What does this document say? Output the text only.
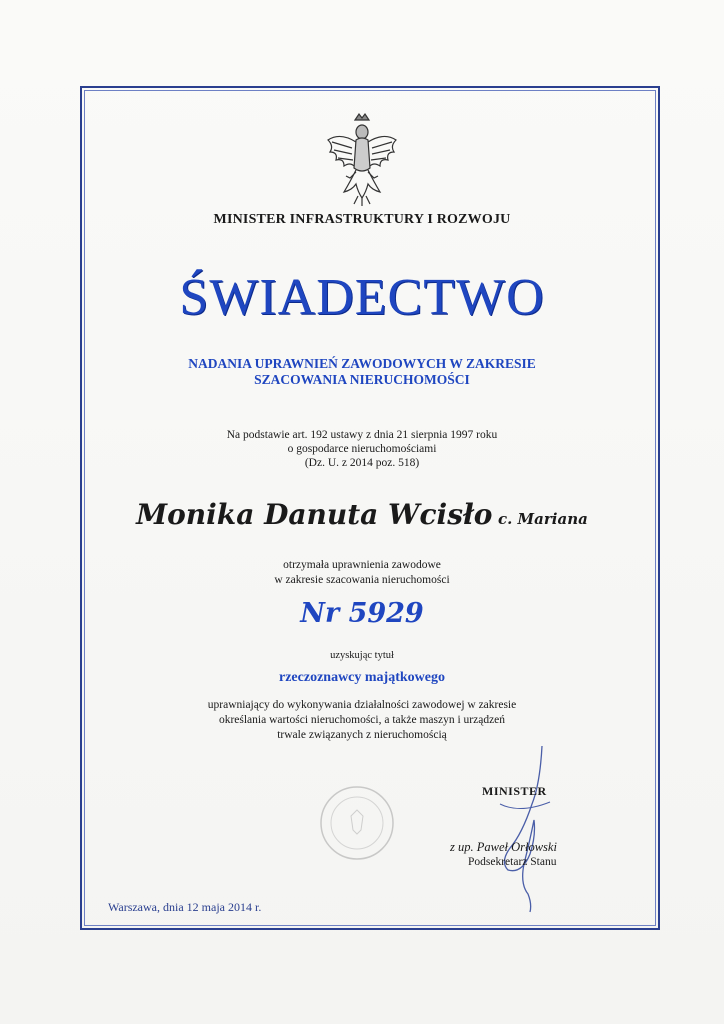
MINISTER INFRASTRUKTURY I ROZWOJU
ŚWIADECTWO
NADANIA UPRAWNIEŃ ZAWODOWYCH W ZAKRESIE
SZACOWANIA NIERUCHOMOŚCI
Na podstawie art. 192 ustawy z dnia 21 sierpnia 1997 roku
o gospodarce nieruchomościami
(Dz. U. z 2014 poz. 518)
Monika Danuta Wcisło c. Mariana
otrzymała uprawnienia zawodowe
w zakresie szacowania nieruchomości
Nr 5929
uzyskując tytuł
rzeczoznawcy majątkowego
uprawniający do wykonywania działalności zawodowej w zakresie
określania wartości nieruchomości, a także maszyn i urządzeń
trwale związanych z nieruchomością
MINISTER
z up. Paweł Orłowski
Podsekretarz Stanu
Warszawa, dnia 12 maja 2014 r.
